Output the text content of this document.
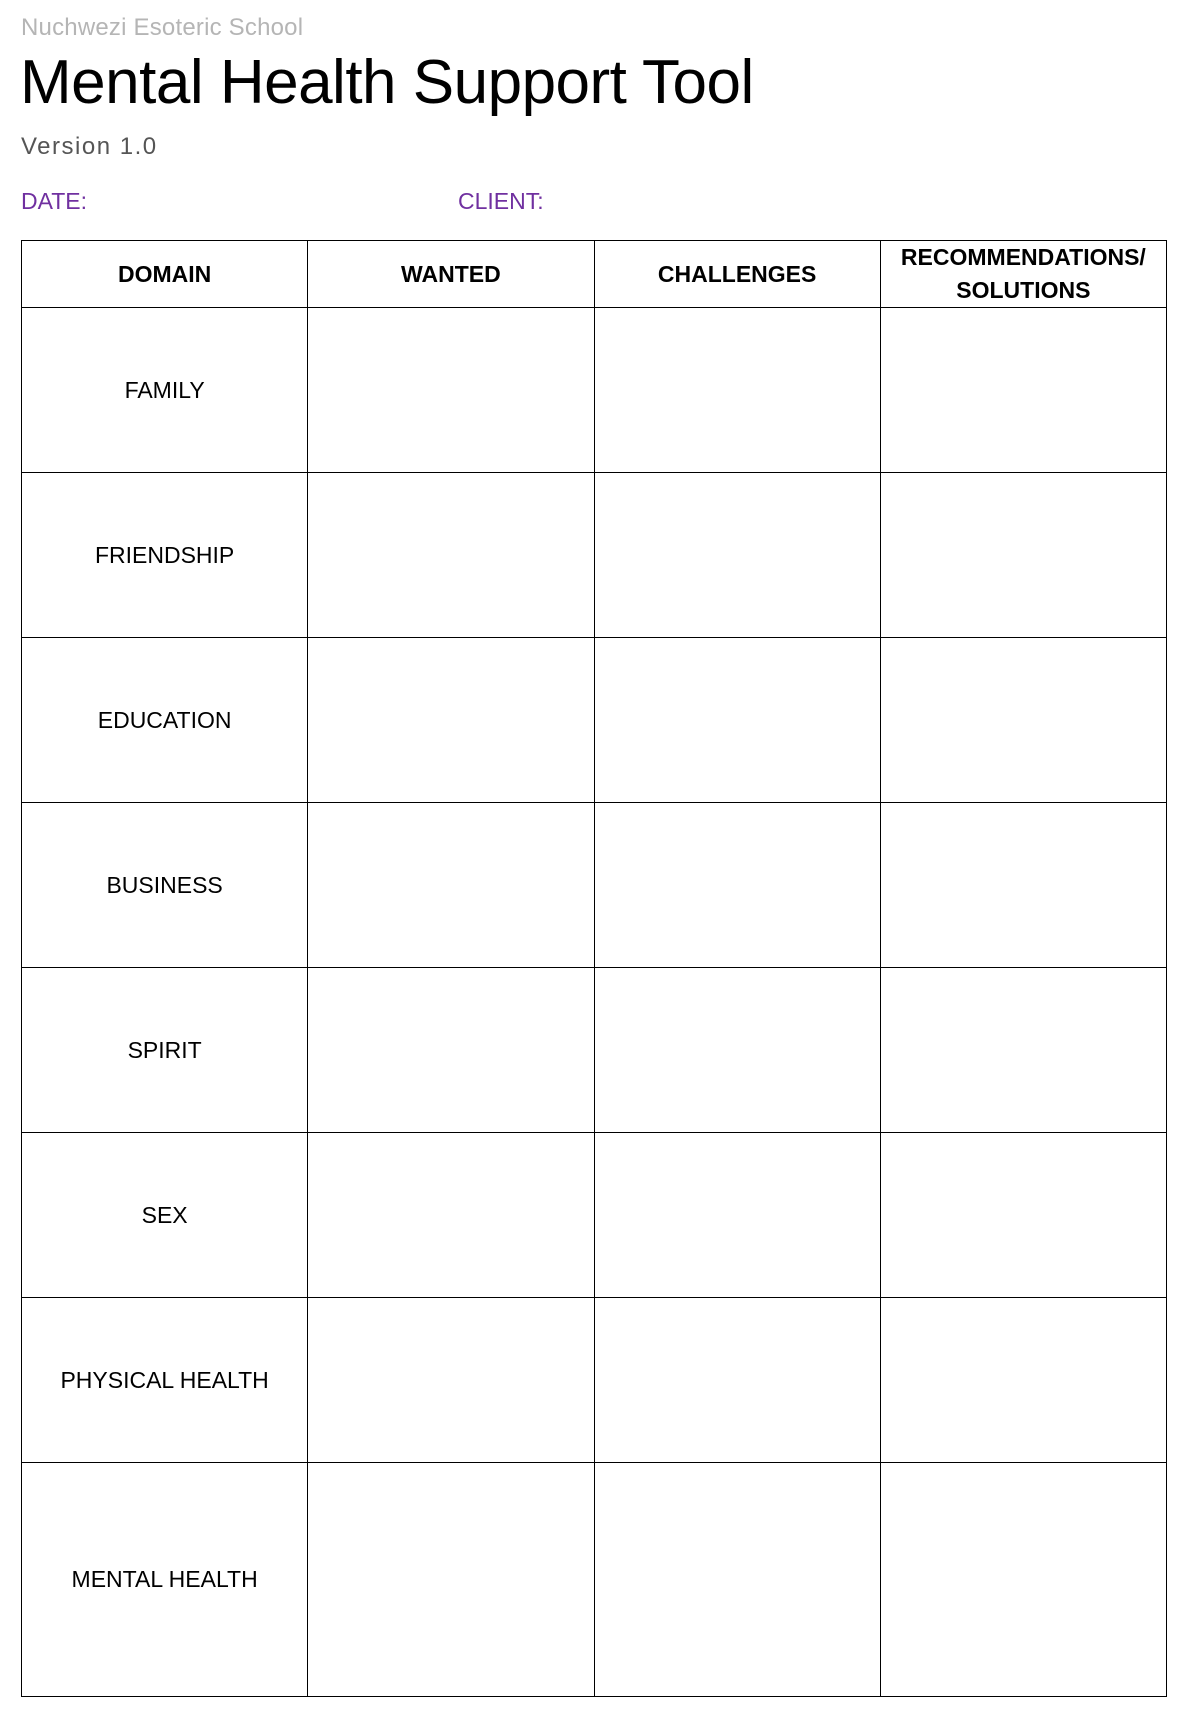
Nuchwezi Esoteric School
Mental Health Support Tool
Version 1.0
DATE:	CLIENT:
DOMAIN	WANTED	CHALLENGES	RECOMMENDATIONS/ SOLUTIONS
FAMILY			
FRIENDSHIP			
EDUCATION			
BUSINESS			
SPIRIT			
SEX			
PHYSICAL HEALTH			
MENTAL HEALTH			
